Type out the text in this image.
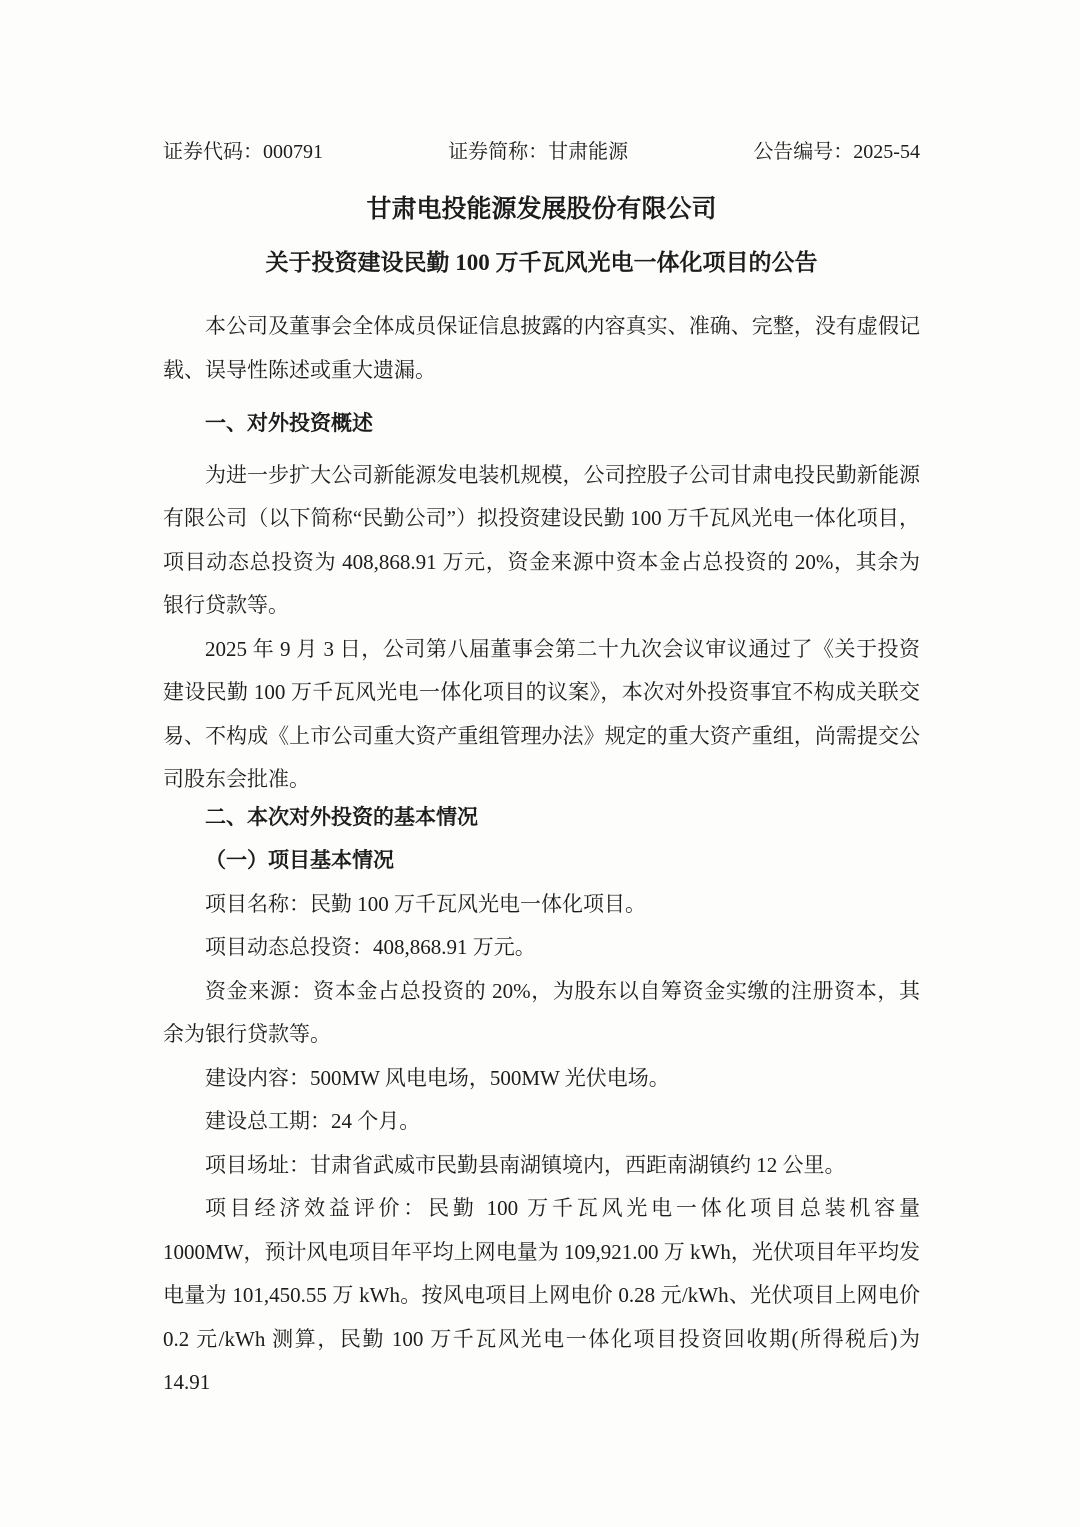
证券代码：000791	证券简称：甘肃能源	公告编号：2025-54
甘肃电投能源发展股份有限公司
关于投资建设民勤 100 万千瓦风光电一体化项目的公告

本公司及董事会全体成员保证信息披露的内容真实、准确、完整，没有虚假记载、误导性陈述或重大遗漏。

一、对外投资概述

为进一步扩大公司新能源发电装机规模，公司控股子公司甘肃电投民勤新能源有限公司（以下简称“民勤公司”）拟投资建设民勤 100 万千瓦风光电一体化项目，项目动态总投资为 408,868.91 万元，资金来源中资本金占总投资的 20%，其余为银行贷款等。

2025 年 9 月 3 日，公司第八届董事会第二十九次会议审议通过了《关于投资建设民勤 100 万千瓦风光电一体化项目的议案》，本次对外投资事宜不构成关联交易、不构成《上市公司重大资产重组管理办法》规定的重大资产重组，尚需提交公司股东会批准。

二、本次对外投资的基本情况

（一）项目基本情况

项目名称：民勤 100 万千瓦风光电一体化项目。

项目动态总投资：408,868.91 万元。

资金来源：资本金占总投资的 20%，为股东以自筹资金实缴的注册资本，其余为银行贷款等。

建设内容：500MW 风电电场，500MW 光伏电场。

建设总工期：24 个月。

项目场址：甘肃省武威市民勤县南湖镇境内，西距南湖镇约 12 公里。

项目经济效益评价：民勤 100 万千瓦风光电一体化项目总装机容量 1000MW，预计风电项目年平均上网电量为 109,921.00 万 kWh，光伏项目年平均发电量为 101,450.55 万 kWh。按风电项目上网电价 0.28 元/kWh、光伏项目上网电价 0.2 元/kWh 测算，民勤 100 万千瓦风光电一体化项目投资回收期(所得税后)为 14.91
